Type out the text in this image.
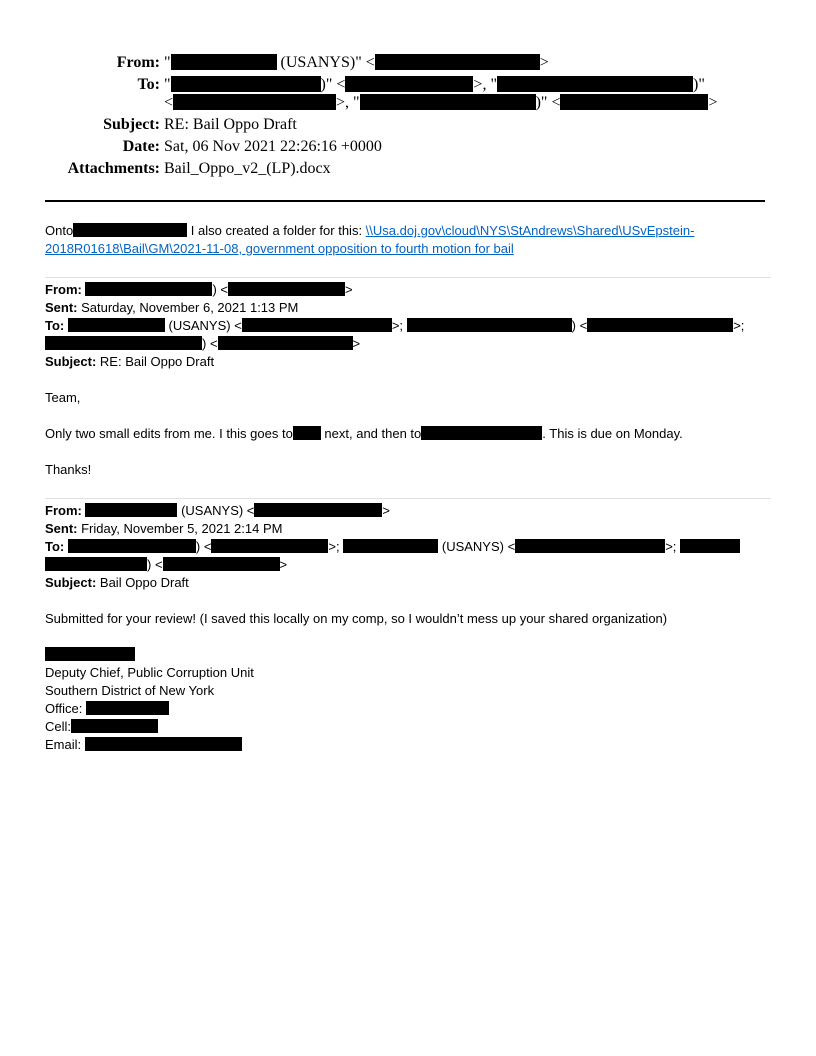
From: "	(USANYS)" <	>
To: "	)" <	>, "	)"
<	>, "	)" <	>
Subject: RE: Bail Oppo Draft
Date: Sat, 06 Nov 2021 22:26:16 +0000
Attachments: Bail_Oppo_v2_(LP).docx
Onto	I also created a folder for this: \\Usa.doj.gov\cloud\NYS\StAndrews\Shared\USvEpstein-
2018R01618\Bail\GM\2021-11-08, government opposition to fourth motion for bail
From:	) <	>
Sent: Saturday, November 6, 2021 1:13 PM
To:	(USANYS) <	>;	) <	>;
) <	>
Subject: RE: Bail Oppo Draft
Team,
Only two small edits from me. I this goes to next, and then to	. This is due on Monday.
Thanks!
From:	(USANYS) <	>
Sent: Friday, November 5, 2021 2:14 PM
To:	) <	>;	(USANYS) <	>;
) <	>
Subject: Bail Oppo Draft
Submitted for your review! (I saved this locally on my comp, so I wouldn’t mess up your shared organization)
Deputy Chief, Public Corruption Unit
Southern District of New York
Office:
Cell:
Email:
